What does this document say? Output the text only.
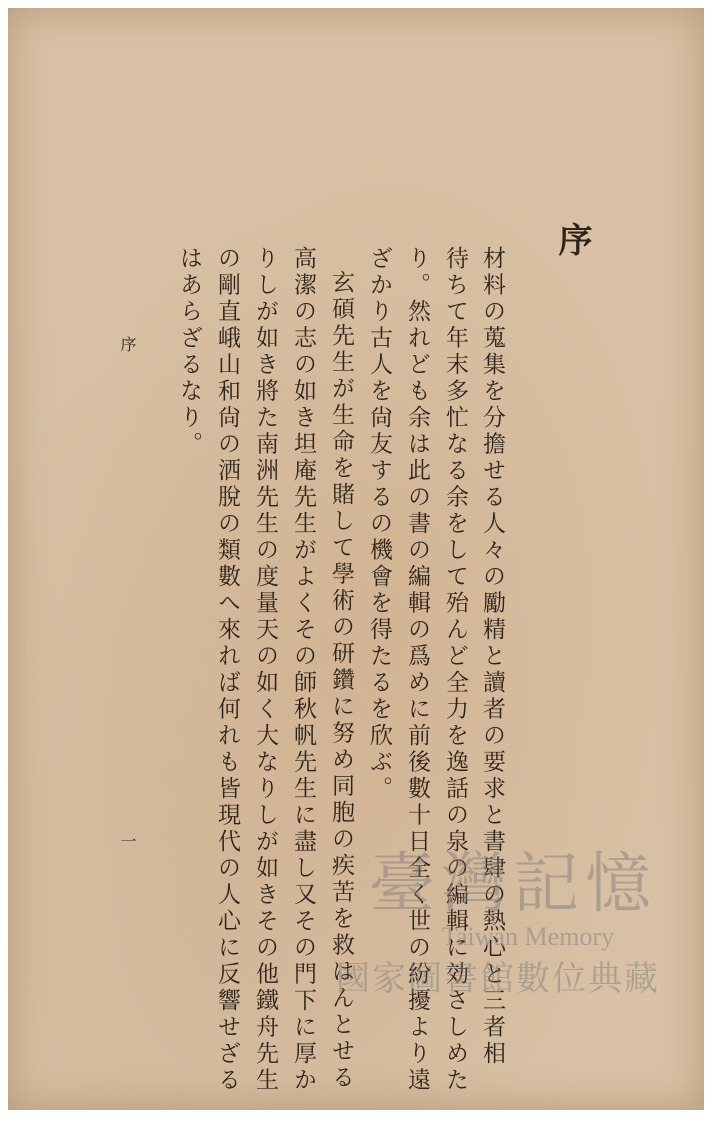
序

材料の蒐集を分擔せる人々の勵精と讀者の要求と書肆の熱心と三者相

待ちて年末多忙なる余をして殆んど全力を逸話の泉の編輯に効さしめた

り。然れども余は此の書の編輯の爲めに前後數十日全く世の紛擾より遠

ざかり古人を尙友するの機會を得たるを欣ぶ。

玄碩先生が生命を賭して學術の研鑽に努め同胞の疾苦を救はんとせる

高潔の志の如き坦庵先生がよくその師秋帆先生に盡し又その門下に厚か

りしが如き將た南洲先生の度量天の如く大なりしが如きその他鐵舟先生

の剛直峨山和尙の洒脫の類數へ來れば何れも皆現代の人心に反響せざる

はあらざるなり。

序

一

臺灣記憶
Taiwan Memory
國家圖書館數位典藏
